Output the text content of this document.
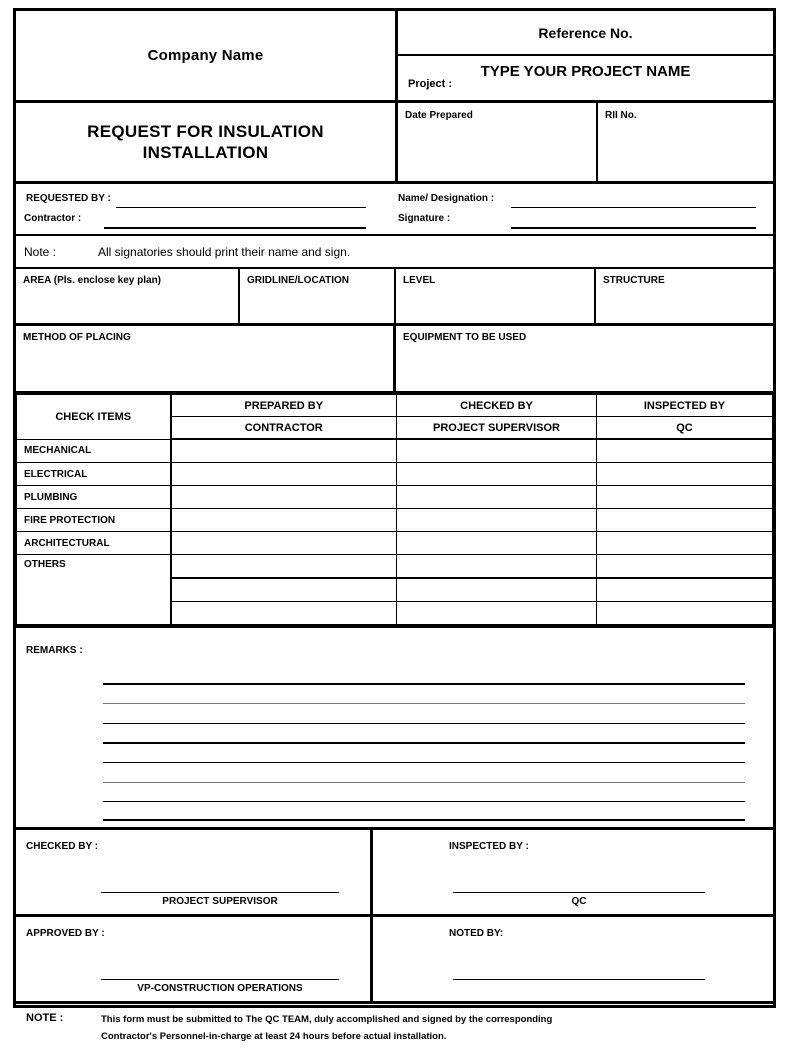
Company Name
Reference No.
Project :
TYPE YOUR PROJECT NAME
REQUEST FOR INSULATION
INSTALLATION
Date Prepared	RII No.
REQUESTED BY :
Contractor :
Name/ Designation :
Signature :
Note :	All signatories should print their name and sign.
AREA (Pls. enclose key plan)	GRIDLINE/LOCATION	LEVEL	STRUCTURE
METHOD OF PLACING	EQUIPMENT TO BE USED
CHECK ITEMS	PREPARED BY	CHECKED BY	INSPECTED BY
	CONTRACTOR	PROJECT SUPERVISOR	QC
MECHANICAL			
ELECTRICAL			
PLUMBING			
FIRE PROTECTION			
ARCHITECTURAL			
OTHERS			

REMARKS :
CHECKED BY :
PROJECT SUPERVISOR
INSPECTED BY :
QC
APPROVED BY :
VP-CONSTRUCTION OPERATIONS
NOTED BY:
NOTE :	This form must be submitted to The QC TEAM, duly accomplished and signed by the corresponding
Contractor's Personnel-in-charge at least 24 hours before actual installation.
